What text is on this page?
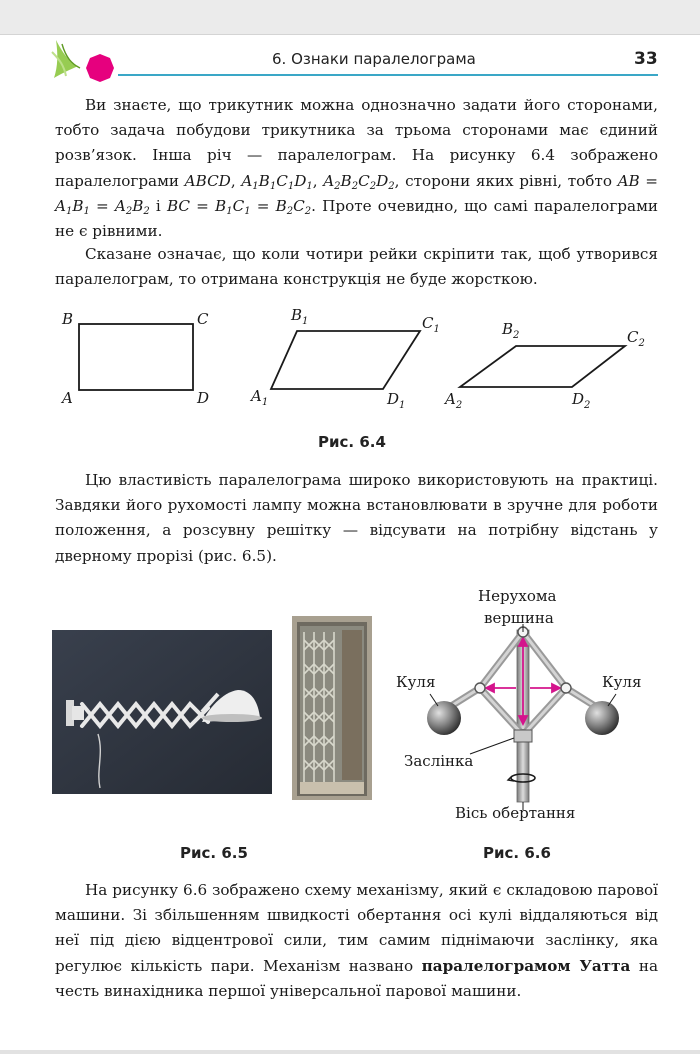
6. Ознаки паралелограма	33

Ви знаєте, що трикутник можна однозначно задати його сторонами, тобто задача побудови трикутника за трьома сторонами має єдиний розв’язок. Інша річ — паралелограм. На рисунку 6.4 зображено паралелограми ABCD, $A_1B_1C_1D_1$, $A_2B_2C_2D_2$, сторони яких рівні, тобто AB = $A_1B_1 = A_2B_2$ і BC = $B_1C_1 = B_2C_2$. Проте очевидно, що самі паралелограми не є рівними.

Сказане означає, що коли чотири рейки скріпити так, щоб утворився паралелограм, то отримана конструкція не буде жорсткою.

B	C
A	D
$B_1$	$C_1$
$A_1$	$D_1$
$B_2$	$C_2$
$A_2$	$D_2$
Рис. 6.4

Цю властивість паралелограма широко використовують на практиці. Завдяки його рухомості лампу можна встановлювати в зручне для роботи положення, а розсувну решітку — відсувати на потрібну відстань у дверному прорізі (рис. 6.5).

Рис. 6.5
Нерухома
вершина
Куля	Куля
Заслінка
Вісь обертання
Рис. 6.6

На рисунку 6.6 зображено схему механізму, який є складовою парової машини. Зі збільшенням швидкості обертання осі кулі віддаляються від неї під дією відцентрової сили, тим самим піднімаючи заслінку, яка регулює кількість пари. Механізм названо паралелограмом Уатта на честь винахідника першої універсальної парової машини.
